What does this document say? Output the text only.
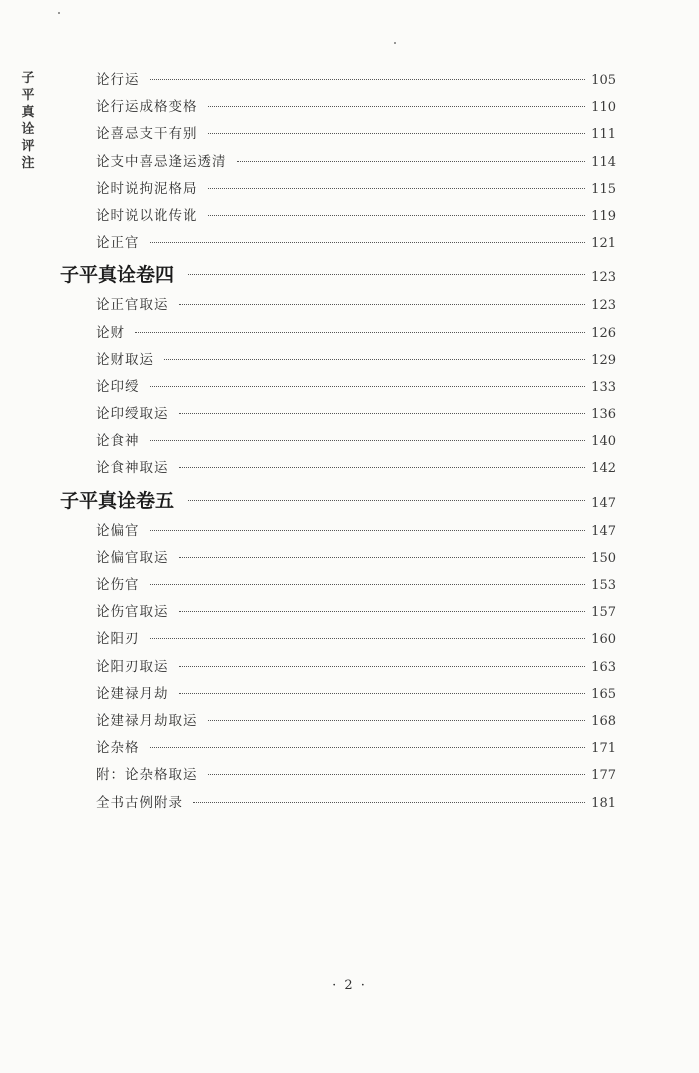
子平真诠评注
论行运	105
论行运成格变格	110
论喜忌支干有别	111
论支中喜忌逢运透清	114
论时说拘泥格局	115
论时说以讹传讹	119
论正官	121
子平真诠卷四	123
论正官取运	123
论财	126
论财取运	129
论印绶	133
论印绶取运	136
论食神	140
论食神取运	142
子平真诠卷五	147
论偏官	147
论偏官取运	150
论伤官	153
论伤官取运	157
论阳刃	160
论阳刃取运	163
论建禄月劫	165
论建禄月劫取运	168
论杂格	171
附：论杂格取运	177
全书古例附录	181
· 2 ·
